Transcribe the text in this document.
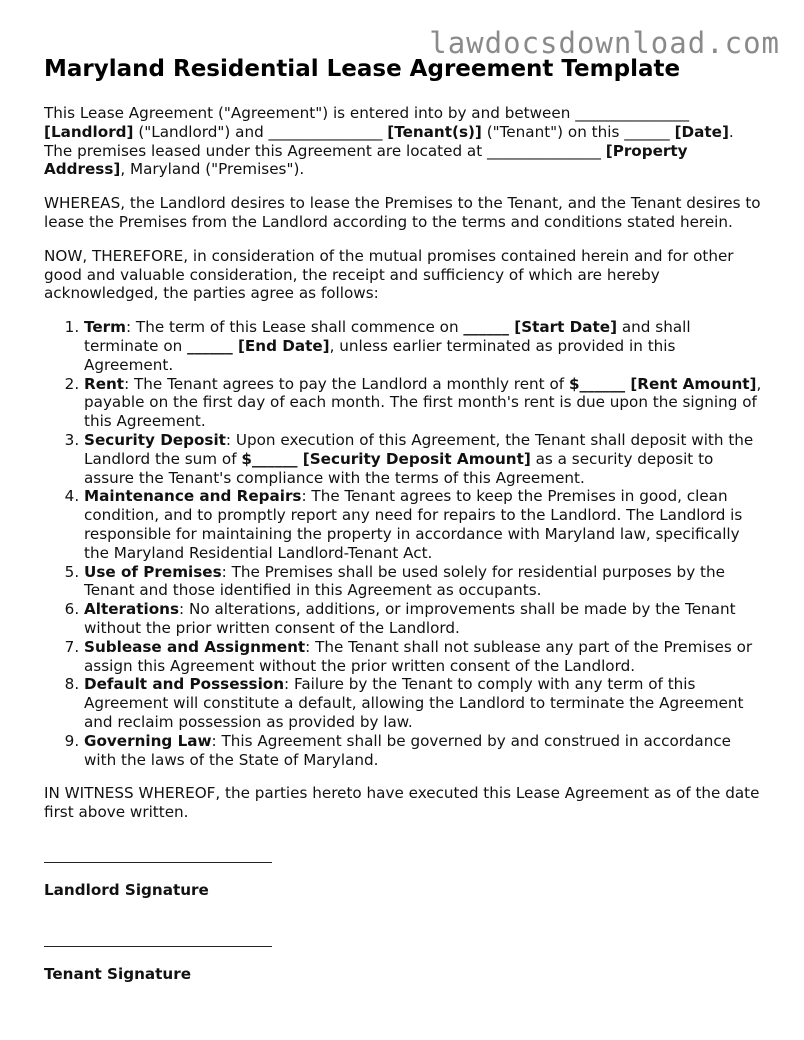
lawdocsdownload.com
Maryland Residential Lease Agreement Template

This Lease Agreement ("Agreement") is entered into by and between _______________ [Landlord] ("Landlord") and _______________ [Tenant(s)] ("Tenant") on this ______ [Date]. The premises leased under this Agreement are located at _______________ [Property Address], Maryland ("Premises").

WHEREAS, the Landlord desires to lease the Premises to the Tenant, and the Tenant desires to lease the Premises from the Landlord according to the terms and conditions stated herein.

NOW, THEREFORE, in consideration of the mutual promises contained herein and for other good and valuable consideration, the receipt and sufficiency of which are hereby acknowledged, the parties agree as follows:

1. Term: The term of this Lease shall commence on ______ [Start Date] and shall terminate on ______ [End Date], unless earlier terminated as provided in this Agreement.
2. Rent: The Tenant agrees to pay the Landlord a monthly rent of $______ [Rent Amount], payable on the first day of each month. The first month's rent is due upon the signing of this Agreement.
3. Security Deposit: Upon execution of this Agreement, the Tenant shall deposit with the Landlord the sum of $______ [Security Deposit Amount] as a security deposit to assure the Tenant's compliance with the terms of this Agreement.
4. Maintenance and Repairs: The Tenant agrees to keep the Premises in good, clean condition, and to promptly report any need for repairs to the Landlord. The Landlord is responsible for maintaining the property in accordance with Maryland law, specifically the Maryland Residential Landlord-Tenant Act.
5. Use of Premises: The Premises shall be used solely for residential purposes by the Tenant and those identified in this Agreement as occupants.
6. Alterations: No alterations, additions, or improvements shall be made by the Tenant without the prior written consent of the Landlord.
7. Sublease and Assignment: The Tenant shall not sublease any part of the Premises or assign this Agreement without the prior written consent of the Landlord.
8. Default and Possession: Failure by the Tenant to comply with any term of this Agreement will constitute a default, allowing the Landlord to terminate the Agreement and reclaim possession as provided by law.
9. Governing Law: This Agreement shall be governed by and construed in accordance with the laws of the State of Maryland.

IN WITNESS WHEREOF, the parties hereto have executed this Lease Agreement as of the date first above written.

Landlord Signature
Tenant Signature
